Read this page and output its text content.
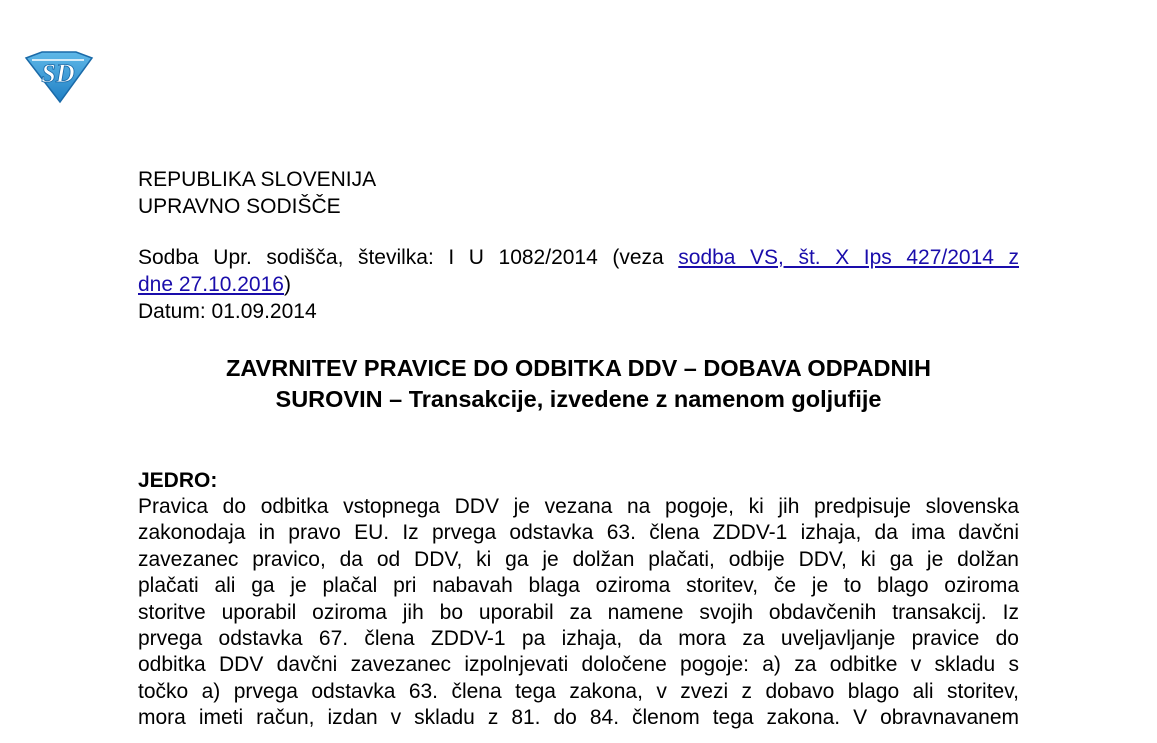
SD
REPUBLIKA SLOVENIJA
UPRAVNO SODIŠČE
Sodba Upr. sodišča, številka: I U 1082/2014 (veza sodba VS, št. X Ips 427/2014 z
dne 27.10.2016)
Datum: 01.09.2014
ZAVRNITEV PRAVICE DO ODBITKA DDV – DOBAVA ODPADNIH
SUROVIN – Transakcije, izvedene z namenom goljufije
JEDRO:
Pravica do odbitka vstopnega DDV je vezana na pogoje, ki jih predpisuje slovenska
zakonodaja in pravo EU. Iz prvega odstavka 63. člena ZDDV-1 izhaja, da ima davčni
zavezanec pravico, da od DDV, ki ga je dolžan plačati, odbije DDV, ki ga je dolžan
plačati ali ga je plačal pri nabavah blaga oziroma storitev, če je to blago oziroma
storitve uporabil oziroma jih bo uporabil za namene svojih obdavčenih transakcij. Iz
prvega odstavka 67. člena ZDDV-1 pa izhaja, da mora za uveljavljanje pravice do
odbitka DDV davčni zavezanec izpolnjevati določene pogoje: a) za odbitke v skladu s
točko a) prvega odstavka 63. člena tega zakona, v zvezi z dobavo blago ali storitev,
mora imeti račun, izdan v skladu z 81. do 84. členom tega zakona. V obravnavanem
